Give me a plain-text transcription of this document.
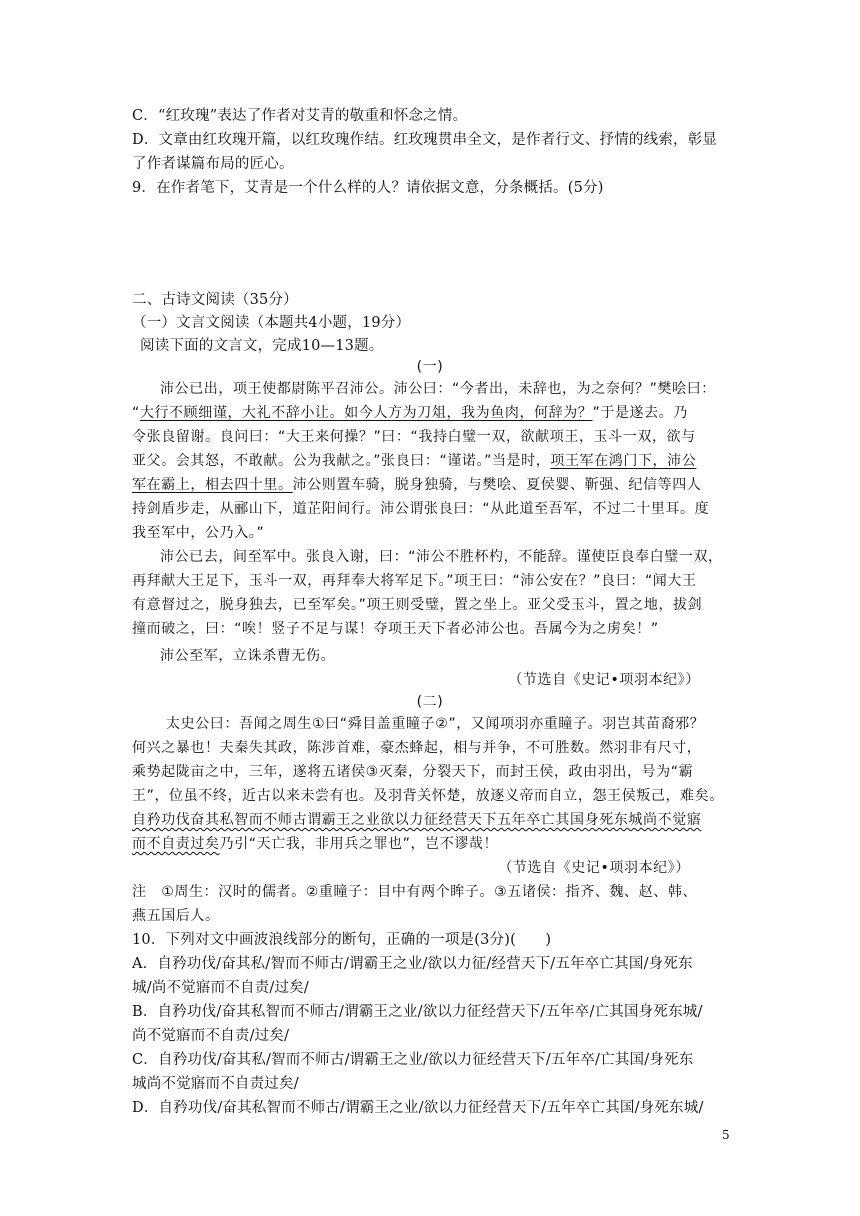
C．“红玫瑰”表达了作者对艾青的敬重和怀念之情。
D．文章由红玫瑰开篇，以红玫瑰作结。红玫瑰贯串全文，是作者行文、抒情的线索，彰显
了作者谋篇布局的匠心。
9．在作者笔下，艾青是一个什么样的人？请依据文意，分条概括。(5分)
二、古诗文阅读（35分）
（一）文言文阅读（本题共4小题，19分）
阅读下面的文言文，完成10—13题。
(一)
沛公已出，项王使都尉陈平召沛公。沛公曰：“今者出，未辞也，为之奈何？”樊哙曰：
“大行不顾细谨，大礼不辞小让。如今人方为刀俎，我为鱼肉，何辞为？”于是遂去。乃
令张良留谢。良问曰：“大王来何操？”曰：“我持白璧一双，欲献项王，玉斗一双，欲与
亚父。会其怒，不敢献。公为我献之。”张良曰：“谨诺。”当是时，项王军在鸿门下，沛公
军在霸上，相去四十里。沛公则置车骑，脱身独骑，与樊哙、夏侯婴、靳强、纪信等四人
持剑盾步走，从郦山下，道芷阳间行。沛公谓张良曰：“从此道至吾军，不过二十里耳。度
我至军中，公乃入。”
沛公已去，间至军中。张良入谢，曰：“沛公不胜杯杓，不能辞。谨使臣良奉白璧一双，
再拜献大王足下，玉斗一双，再拜奉大将军足下。”项王曰：“沛公安在？”良曰：“闻大王
有意督过之，脱身独去，已至军矣。”项王则受璧，置之坐上。亚父受玉斗，置之地，拔剑
撞而破之，曰：“唉！竖子不足与谋！夺项王天下者必沛公也。吾属今为之虏矣！”
沛公至军，立诛杀曹无伤。
（节选自《史记•项羽本纪》）
(二)
太史公曰：吾闻之周生①曰“舜目盖重瞳子②”，又闻项羽亦重瞳子。羽岂其苗裔邪？
何兴之暴也！夫秦失其政，陈涉首难，豪杰蜂起，相与并争，不可胜数。然羽非有尺寸，
乘势起陇亩之中，三年，遂将五诸侯③灭秦，分裂天下，而封王侯，政由羽出，号为“霸
王”，位虽不终，近古以来未尝有也。及羽背关怀楚，放逐义帝而自立，怨王侯叛己，难矣。
自矜功伐奋其私智而不师古谓霸王之业欲以力征经营天下五年卒亡其国身死东城尚不觉寤
而不自责过矣乃引“天亡我，非用兵之罪也”，岂不谬哉！
（节选自《史记•项羽本纪》）
注　①周生：汉时的儒者。②重瞳子：目中有两个眸子。③五诸侯：指齐、魏、赵、韩、
燕五国后人。
10．下列对文中画波浪线部分的断句，正确的一项是(3分)(　　)
A．自矜功伐/奋其私/智而不师古/谓霸王之业/欲以力征/经营天下/五年卒亡其国/身死东
城/尚不觉寤而不自责/过矣/
B．自矜功伐/奋其私智而不师古/谓霸王之业/欲以力征经营天下/五年卒/亡其国身死东城/
尚不觉寤而不自责/过矣/
C．自矜功伐/奋其私/智而不师古/谓霸王之业/欲以力征经营天下/五年卒/亡其国/身死东
城尚不觉寤而不自责过矣/
D．自矜功伐/奋其私智而不师古/谓霸王之业/欲以力征经营天下/五年卒亡其国/身死东城/
5
